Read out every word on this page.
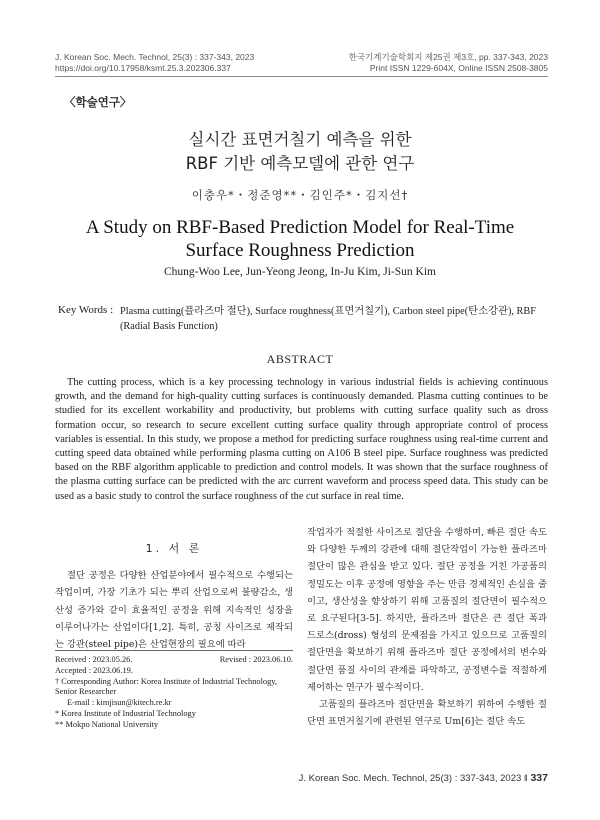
J. Korean Soc. Mech. Technol, 25(3) : 337-343, 2023
https://doi.org/10.17958/ksmt.25.3.202306.337
한국기계기술학회지 제25권 제3호, pp. 337-343, 2023
Print ISSN 1229-604X, Online ISSN 2508-3805
〈학술연구〉
실시간 표면거칠기 예측을 위한
RBF 기반 예측모델에 관한 연구
이충우*・정준영**・김인주*・김지선†
A Study on RBF-Based Prediction Model for Real-Time
Surface Roughness Prediction
Chung-Woo Lee, Jun-Yeong Jeong, In-Ju Kim, Ji-Sun Kim
Key Words : Plasma cutting(플라즈마 절단), Surface roughness(표면거칠기), Carbon steel pipe(탄소강관), RBF (Radial Basis Function)
ABSTRACT
The cutting process, which is a key processing technology in various industrial fields is achieving continuous growth, and the demand for high-quality cutting surfaces is continuously demanded. Plasma cutting continues to be studied for its excellent workability and productivity, but problems with cutting surface quality such as dross formation occur, so research to secure excellent cutting surface quality through appropriate control of process variables is essential. In this study, we propose a method for predicting surface roughness using real-time current and cutting speed data obtained while performing plasma cutting on A106 B steel pipe. Surface roughness was predicted based on the RBF algorithm applicable to prediction and control models. It was shown that the surface roughness of the plasma cutting surface can be predicted with the arc current waveform and process speed data. This study can be used as a basic study to control the surface roughness of the cut surface in real time.
1. 서 론

절단 공정은 다양한 산업분야에서 필수적으로 수행되는 작업이며, 가장 기초가 되는 뿌리 산업으로써 불량감소, 생산성 증가와 같이 효율적인 공정을 위해 지속적인 성장을 이루어나가는 산업이다[1,2]. 특히, 공칭 사이즈로 제작되는 강관(steel pipe)은 산업현장의 필요에 따라

Received : 2023.05.26.	Revised : 2023.06.10.
Accepted : 2023.06.19.
† Corresponding Author: Korea Institute of Industrial Technology, Senior Researcher
E-mail : kimjisun@kitech.re.kr
* Korea Institute of Industrial Technology
** Mokpo National University

작업자가 적절한 사이즈로 절단을 수행하며, 빠른 절단 속도와 다양한 두께의 강관에 대해 절단작업이 가능한 플라즈마 절단이 많은 관심을 받고 있다. 절단 공정을 거친 가공품의 정밀도는 이후 공정에 영향을 주는 만큼 경제적인 손실을 줄이고, 생산성을 향상하기 위해 고품질의 절단면이 필수적으로 요구된다[3-5]. 하지만, 플라즈마 절단은 큰 절단 폭과 드로스(dross) 형성의 문제점을 가지고 있으므로 고품질의 절단면을 확보하기 위해 플라즈마 절단 공정에서의 변수와 절단면 품질 사이의 관계를 파악하고, 공정변수를 적절하게 제어하는 연구가 필수적이다.

고품질의 플라즈마 절단면을 확보하기 위하여 수행한 절단면 표면거칠기에 관련된 연구로 Um[6]는 절단 속도

J. Korean Soc. Mech. Technol, 25(3) : 337-343, 2023 ‖ 337
